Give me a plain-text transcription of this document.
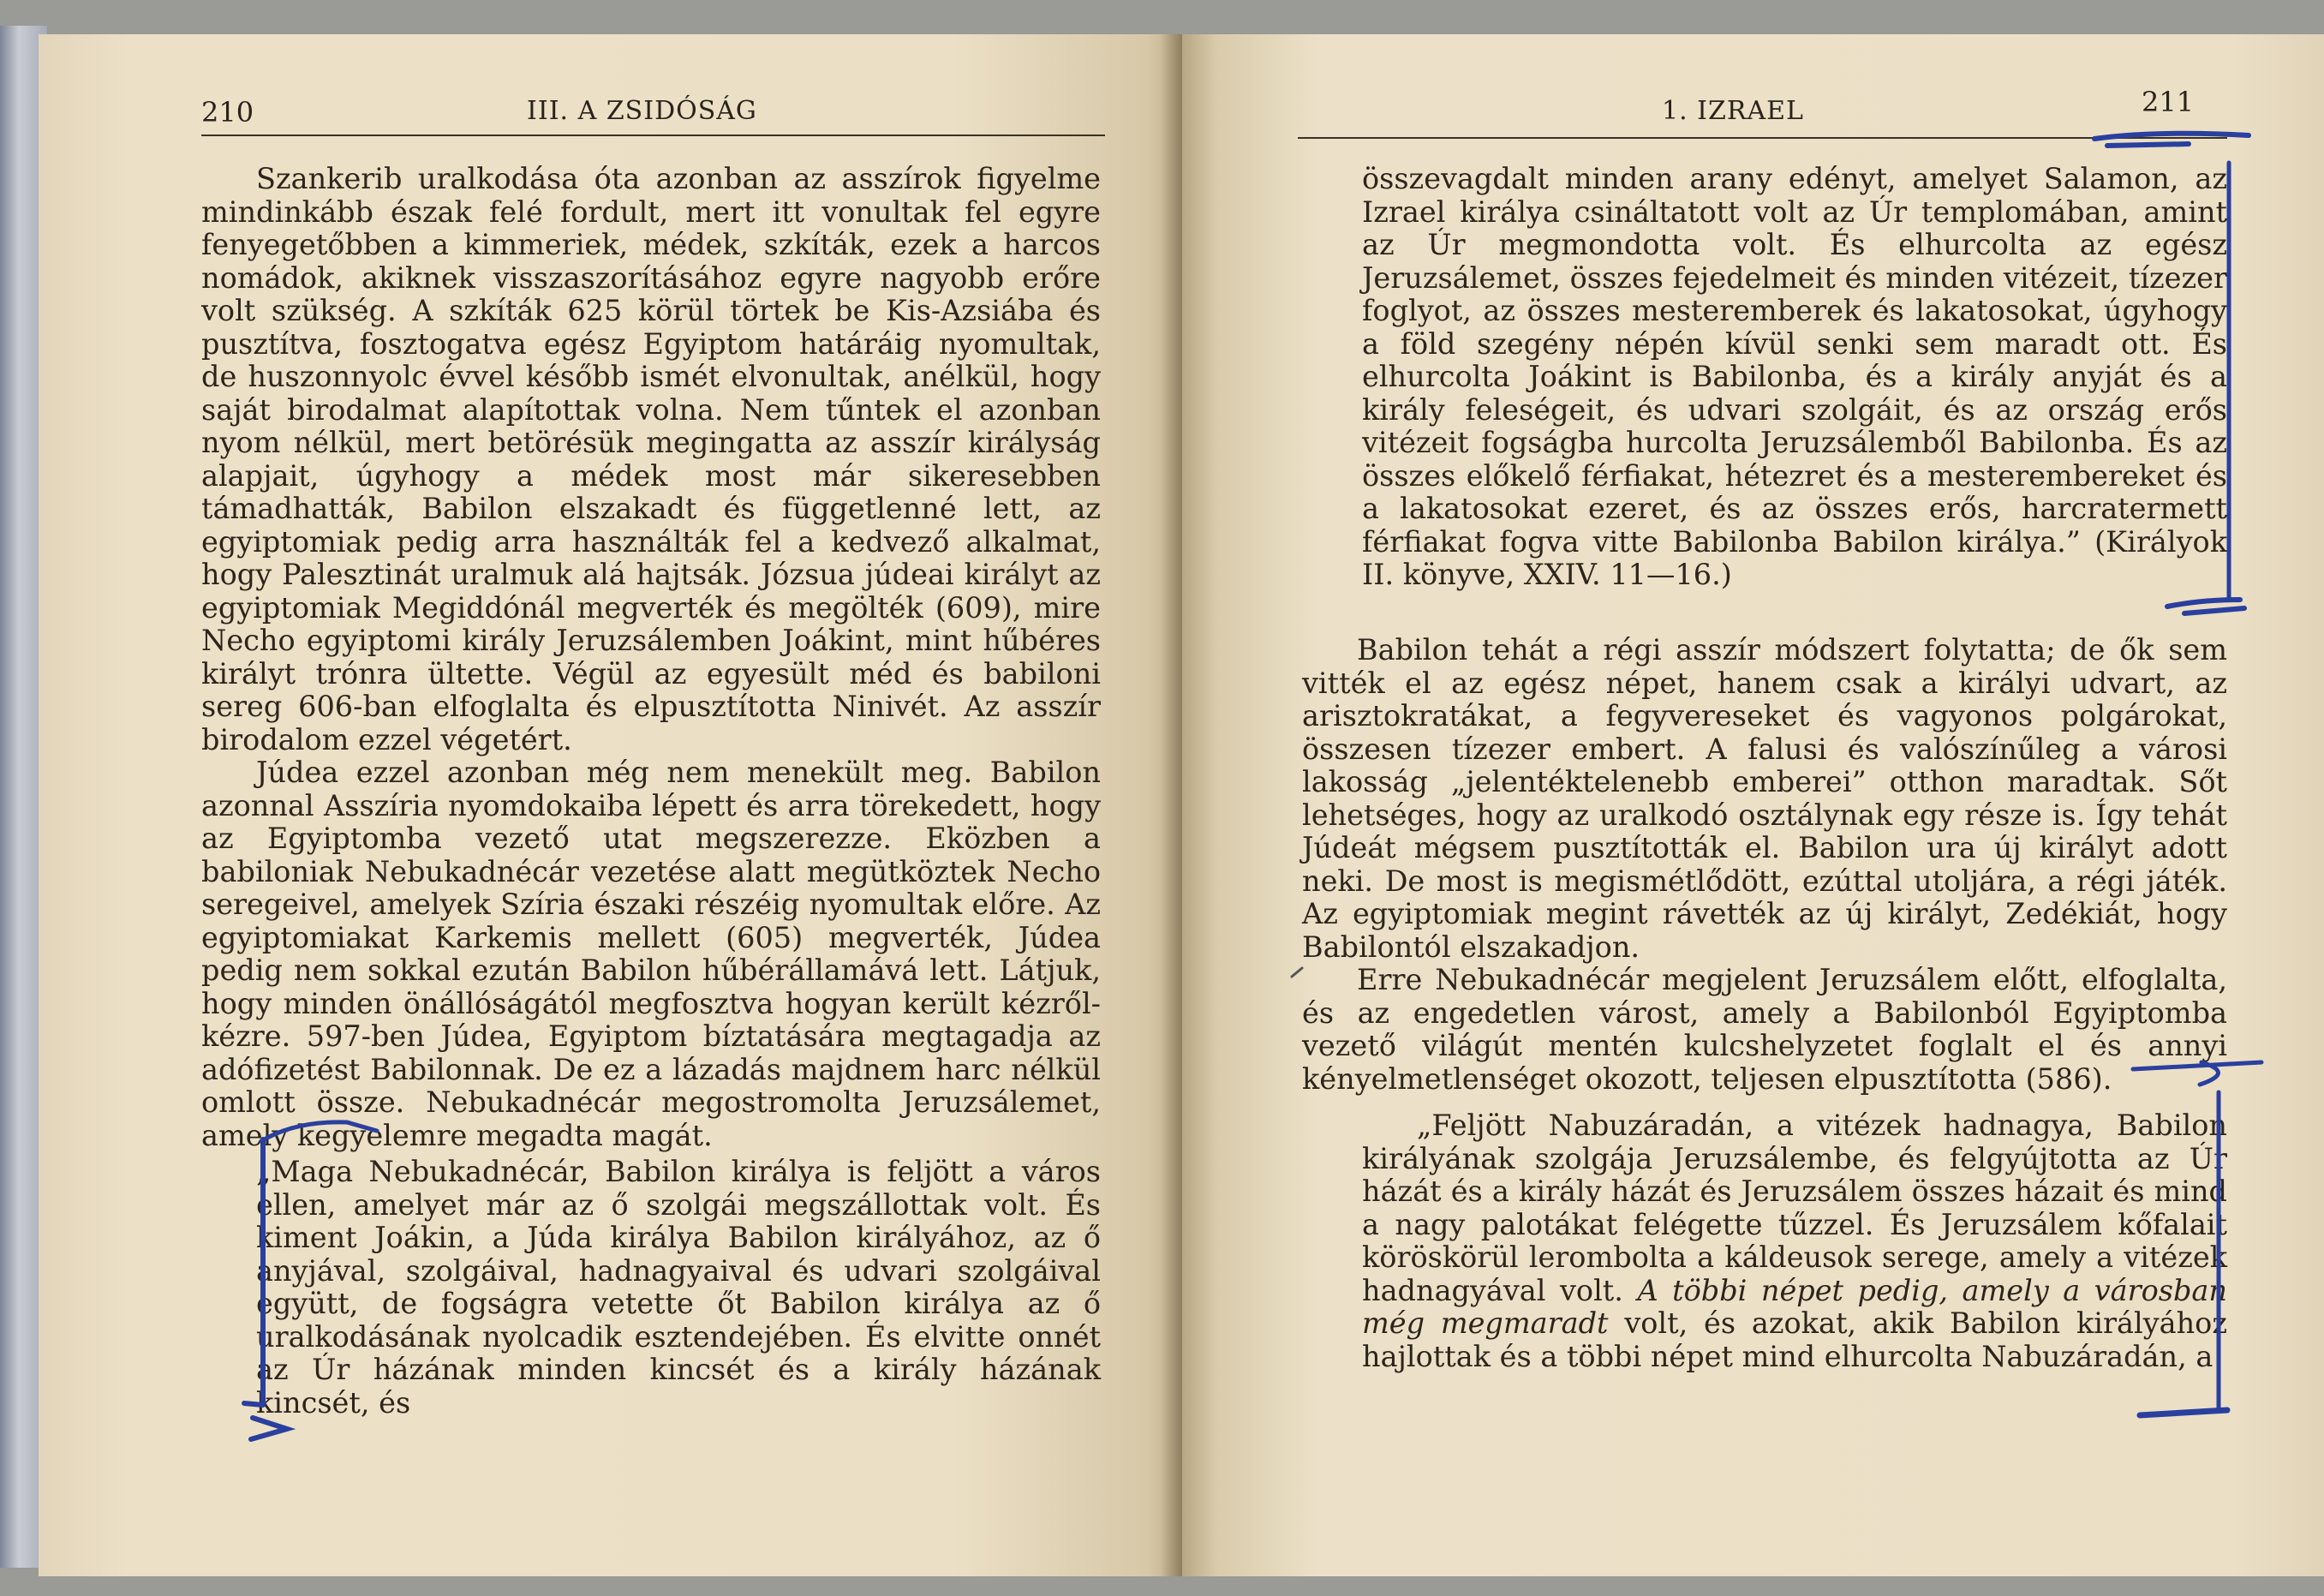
210	III. A ZSIDÓSÁG

Szankerib uralkodása óta azonban az asszírok figyelme mindinkább észak felé fordult, mert itt vonultak fel egyre fenyegetőbben a kimmeriek, médek, szkíták, ezek a harcos nomádok, akiknek visszaszorításához egyre nagyobb erőre volt szükség. A szkíták 625 körül törtek be Kis-Azsiába és pusztítva, fosztogatva egész Egyiptom határáig nyomultak, de huszonnyolc évvel később ismét elvonultak, anélkül, hogy saját birodalmat alapítottak volna. Nem tűntek el azonban nyom nélkül, mert betörésük megingatta az asszír királyság alapjait, úgyhogy a médek most már sikeresebben támadhatták, Babilon elszakadt és függetlenné lett, az egyiptomiak pedig arra használták fel a kedvező alkalmat, hogy Palesztinát uralmuk alá hajtsák. Józsua júdeai királyt az egyiptomiak Megiddónál megverték és megölték (609), mire Necho egyiptomi király Jeruzsálemben Joákint, mint hűbéres királyt trónra ültette. Végül az egyesült méd és babiloni sereg 606-ban elfoglalta és elpusztította Ninivét. Az asszír birodalom ezzel végetért.

Júdea ezzel azonban még nem menekült meg. Babilon azonnal Asszíria nyomdokaiba lépett és arra törekedett, hogy az Egyiptomba vezető utat megszerezze. Eközben a babiloniak Nebukadnécár vezetése alatt megütköztek Necho seregeivel, amelyek Szíria északi részéig nyomultak előre. Az egyiptomiakat Karkemis mellett (605) megverték, Júdea pedig nem sokkal ezután Babilon hűbérállamává lett. Látjuk, hogy minden önállóságától megfosztva hogyan került kézről-kézre. 597-ben Júdea, Egyiptom bíztatására megtagadja az adófizetést Babilonnak. De ez a lázadás majdnem harc nélkül omlott össze. Nebukadnécár megostromolta Jeruzsálemet, amely kegyelemre megadta magát.

„Maga Nebukadnécár, Babilon királya is feljött a város ellen, amelyet már az ő szolgái megszállottak volt. És kiment Joákin, a Júda királya Babilon királyához, az ő anyjával, szolgáival, hadnagyaival és udvari szolgáival együtt, de fogságra vetette őt Babilon királya az ő uralkodásának nyolcadik esztendejében. És elvitte onnét az Úr házának minden kincsét és a király házának kincsét, és

1. IZRAEL	211

összevagdalt minden arany edényt, amelyet Salamon, az Izrael királya csináltatott volt az Úr templomában, amint az Úr megmondotta volt. És elhurcolta az egész Jeruzsálemet, összes fejedelmeit és minden vitézeit, tízezer foglyot, az összes mesteremberek és lakatosokat, úgyhogy a föld szegény népén kívül senki sem maradt ott. És elhurcolta Joákint is Babilonba, és a király anyját és a király feleségeit, és udvari szolgáit, és az ország erős vitézeit fogságba hurcolta Jeruzsálemből Babilonba. És az összes előkelő férfiakat, hétezret és a mesterembereket és a lakatosokat ezeret, és az összes erős, harcratermett férfiakat fogva vitte Babilonba Babilon királya.” (Királyok II. könyve, XXIV. 11—16.)

Babilon tehát a régi asszír módszert folytatta; de ők sem vitték el az egész népet, hanem csak a királyi udvart, az arisztokratákat, a fegyvereseket és vagyonos polgárokat, összesen tízezer embert. A falusi és valószínűleg a városi lakosság „jelentéktelenebb emberei” otthon maradtak. Sőt lehetséges, hogy az uralkodó osztálynak egy része is. Így tehát Júdeát mégsem pusztították el. Babilon ura új királyt adott neki. De most is megismétlődött, ezúttal utoljára, a régi játék. Az egyiptomiak megint rávették az új királyt, Zedékiát, hogy Babilontól elszakadjon.

Erre Nebukadnécár megjelent Jeruzsálem előtt, elfoglalta, és az engedetlen várost, amely a Babilonból Egyiptomba vezető világút mentén kulcshelyzetet foglalt el és annyi kényelmetlenséget okozott, teljesen elpusztította (586).

„Feljött Nabuzáradán, a vitézek hadnagya, Babilon királyának szolgája Jeruzsálembe, és felgyújtotta az Úr házát és a király házát és Jeruzsálem összes házait és mind a nagy palotákat felégette tűzzel. És Jeruzsálem kőfalait köröskörül lerombolta a káldeusok serege, amely a vitézek hadnagyával volt. A többi népet pedig, amely a városban még megmaradt volt, és azokat, akik Babilon királyához hajlottak és a többi népet mind elhurcolta Nabuzáradán, a
